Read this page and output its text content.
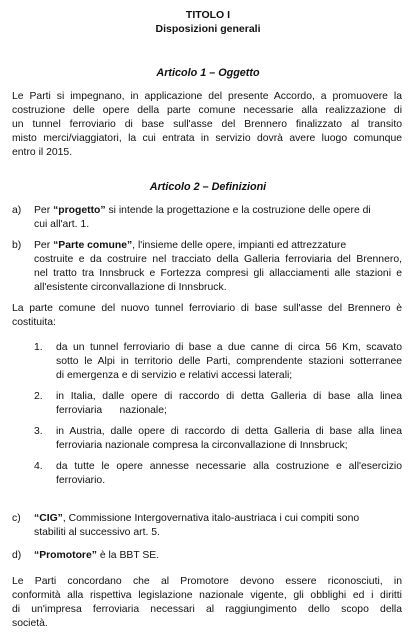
TITOLO I
Disposizioni generali
Articolo 1 – Oggetto
Le Parti si impegnano, in applicazione del presente Accordo, a promuovere la
costruzione delle opere della parte comune necessarie alla realizzazione di
un tunnel ferroviario di base sull'asse del Brennero finalizzato al transito
misto merci/viaggiatori, la cui entrata in servizio dovrà avere luogo comunque
entro il 2015.
Articolo 2 – Definizioni
a) Per “progetto” si intende la progettazione e la costruzione delle opere di
cui all'art. 1.
b) Per “Parte comune”, l'insieme delle opere, impianti ed attrezzature
costruite e da costruire nel tracciato della Galleria ferroviaria del Brennero,
nel tratto tra Innsbruck e Fortezza compresi gli allacciamenti alle stazioni e
all'esistente circonvallazione di Innsbruck.
La parte comune del nuovo tunnel ferroviario di base sull'asse del Brennero è
costituita:
1. da un tunnel ferroviario di base a due canne di circa 56 Km, scavato
sotto le Alpi in territorio delle Parti, comprendente stazioni sotterranee
di emergenza e di servizio e relativi accessi laterali;
2. in Italia, dalle opere di raccordo di detta Galleria di base alla linea
ferroviaria      nazionale;
3. in Austria, dalle opere di raccordo di detta Galleria di base alla linea
ferroviaria nazionale compresa la circonvallazione di Innsbruck;
4. da tutte le opere annesse necessarie alla costruzione e all'esercizio
ferroviario.
c) “CIG”, Commissione Intergovernativa italo-austriaca i cui compiti sono
stabiliti al successivo art. 5.
d) “Promotore” è la BBT SE.
Le Parti concordano che al Promotore devono essere riconosciuti, in
conformità alla rispettiva legislazione nazionale vigente, gli obblighi ed i diritti
di un'impresa ferroviaria necessari al raggiungimento dello scopo della
società.
